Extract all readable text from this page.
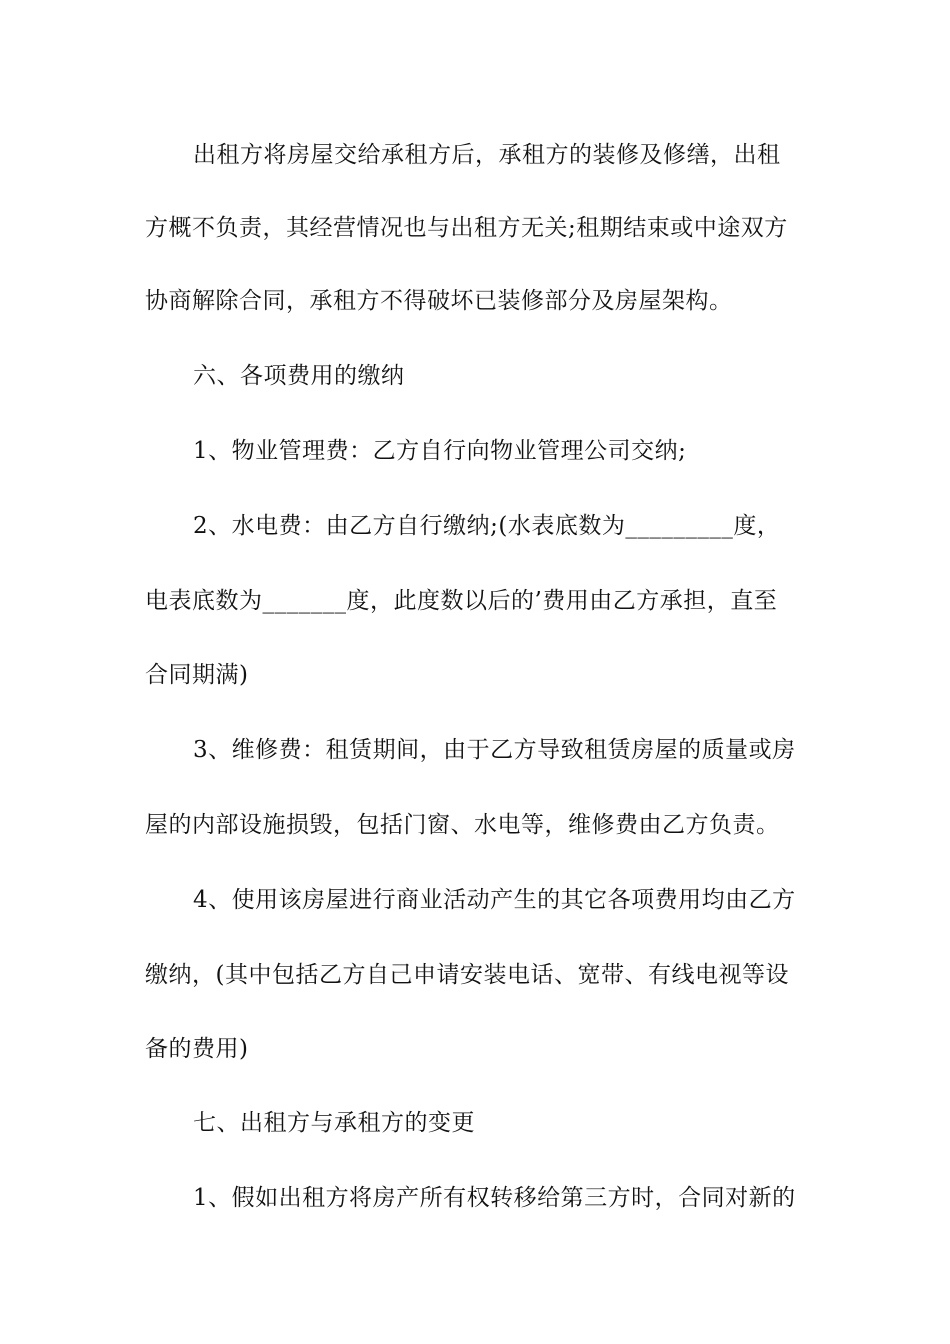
出租方将房屋交给承租方后，承租方的装修及修缮，出租
方概不负责，其经营情况也与出租方无关;租期结束或中途双方
协商解除合同，承租方不得破坏已装修部分及房屋架构。
六、各项费用的缴纳
1、物业管理费：乙方自行向物业管理公司交纳;
2、水电费：由乙方自行缴纳;(水表底数为_________度，
电表底数为_______度，此度数以后的’费用由乙方承担，直至
合同期满)
3、维修费：租赁期间，由于乙方导致租赁房屋的质量或房
屋的内部设施损毁，包括门窗、水电等，维修费由乙方负责。
4、使用该房屋进行商业活动产生的其它各项费用均由乙方
缴纳，(其中包括乙方自己申请安装电话、宽带、有线电视等设
备的费用)
七、出租方与承租方的变更
1、假如出租方将房产所有权转移给第三方时，合同对新的
